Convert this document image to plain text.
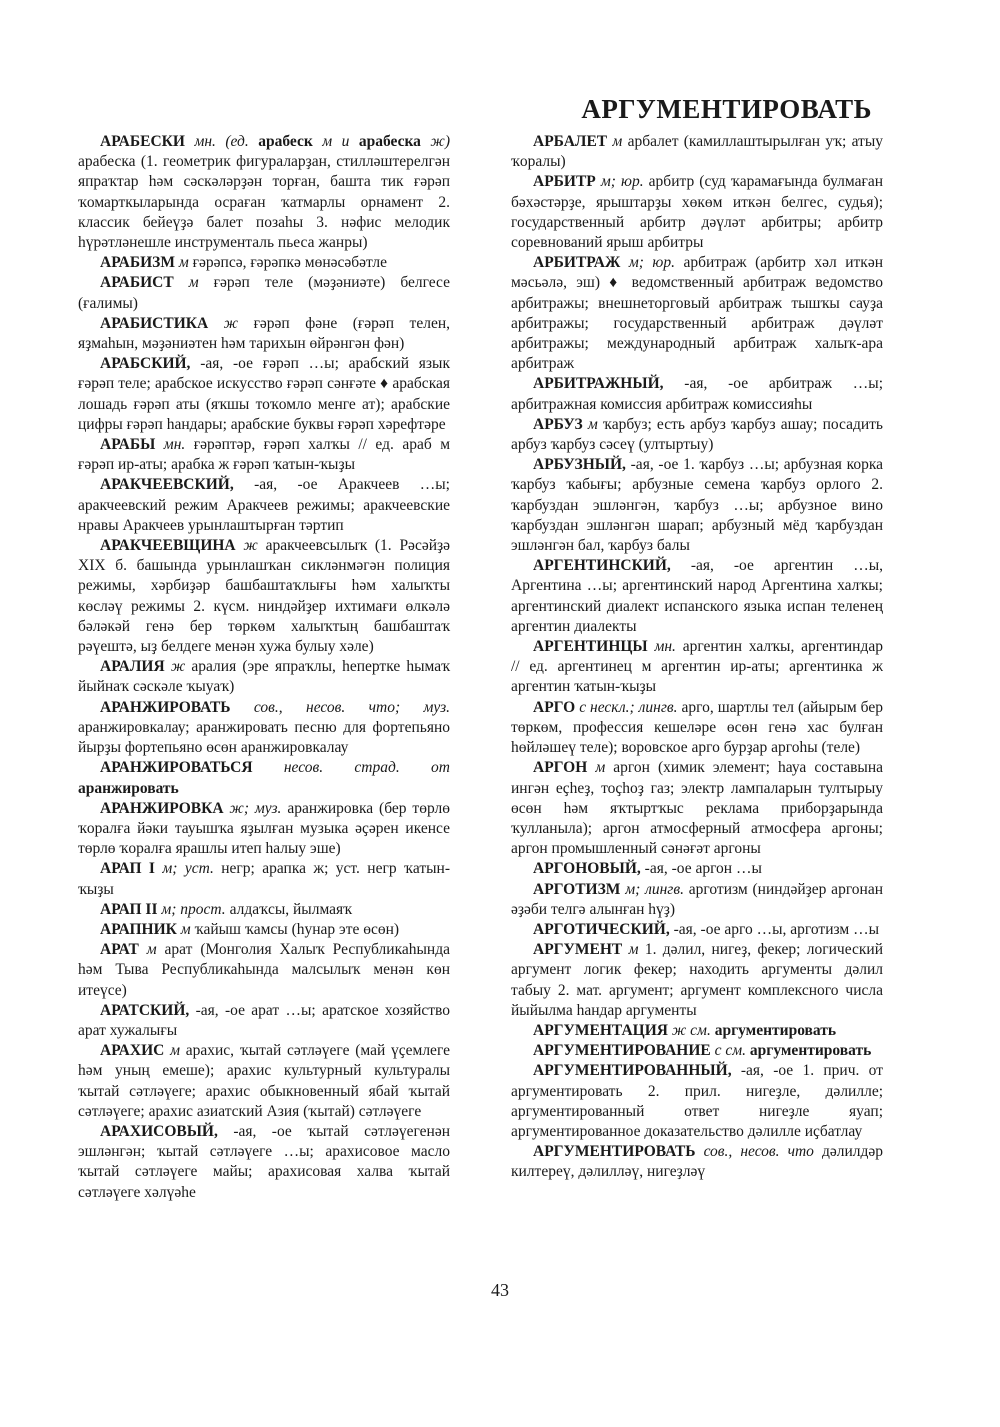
АРГУМЕНТИРОВАТЬ

АРАБЕСКИ мн. (ед. арабеск м и арабеска ж) арабеска (1. геометрик фигураларҙан, стилләштерелгән япраҡтар һәм сәскәләрҙән торған, башта тик ғәрәп ҡомарткыларында осраған ҡатмарлы орнамент 2. классик бейеүҙә балет позаһы 3. нәфис мелодик һүрәтләнешле инструменталь пьеса жанры)

АРАБИЗМ м ғәрәпсә, ғәрәпкә мөнәсәбәтле

АРАБИСТ м ғәрәп теле (мәҙәниәте) белгесе (ғалимы)

АРАБИСТИКА ж ғәрәп фәне (ғәрәп телен, яҙмаһын, мәҙәниәтен һәм тарихын өйрәнгән фән)

АРАБСКИЙ, -ая, -ое ғәрәп …ы; арабский язык ғәрәп теле; арабское искусство ғәрәп сәнғәте ♦ арабская лошадь ғәрәп аты (яҡшы тоҡомло менге ат); арабские цифры ғәрәп һандары; арабские буквы ғәрәп хәрефтәре

АРАБЫ мн. ғәрәптәр, ғәрәп халҡы // ед. араб м ғәрәп ир-аты; арабка ж ғәрәп ҡатын-ҡыҙы

АРАКЧЕЕВСКИЙ, -ая, -ое Аракчеев …ы; аракчеевский режим Аракчеев режимы; аракчеевские нравы Аракчеев урынлаштырған тәртип

АРАКЧЕЕВЩИНА ж аракчеевсылыҡ (1. Рәсәйҙә XIX б. башында урынлашҡан сикләнмәгән полиция режимы, хәрбиҙәр башбаштаҡлығы һәм халыҡты көсләү режимы 2. күсм. ниндәйҙер ихтимағи өлкәлә бәләкәй генә бер төркөм халыҡтың башбаштаҡ рәүештә, ыҙ белдеге менән хужа булыу хәле)

АРАЛИЯ ж аралия (эре япраҡлы, һепертке һымаҡ йыйнаҡ сәскәле ҡыуаҡ)

АРАНЖИРОВАТЬ сов., несов. что; муз. аранжировкалау; аранжировать песню для фортепьяно йырҙы фортепьяно өсөн аранжировкалау

АРАНЖИРОВАТЬСЯ несов. страд. от аранжировать

АРАНЖИРОВКА ж; муз. аранжировка (бер төрлө ҡоралға йәки тауышҡа яҙылған музыка әҫәрен икенсе төрлө ҡоралға ярашлы итеп һалыу эше)

АРАП I м; уст. негр; арапка ж; уст. негр ҡатын-ҡыҙы

АРАП II м; прост. алдаҡсы, йылмаяҡ

АРАПНИК м ҡайыш ҡамсы (һунар эте өсөн)

АРАТ м арат (Монголия Халыҡ Республикаһында һәм Тыва Республикаһында малсылыҡ менән көн итеүсе)

АРАТСКИЙ, -ая, -ое арат …ы; аратское хозяйство арат хужалығы

АРАХИС м арахис, ҡытай сәтләүеге (май үҫемлеге һәм уның емеше); арахис культурный культуралы ҡытай сәтләүеге; арахис обыкновенный ябай ҡытай сәтләүеге; арахис азиатский Азия (ҡытай) сәтләүеге

АРАХИСОВЫЙ, -ая, -ое ҡытай сәтләүегенән эшләнгән; ҡытай сәтләүеге …ы; арахисовое масло ҡытай сәтләүеге майы; арахисовая халва ҡытай сәтләүеге хәлүәһе

АРБАЛЕТ м арбалет (камиллаштырылған уҡ; атыу ҡоралы)

АРБИТР м; юр. арбитр (суд ҡарамағында булмаған бәхәстәрҙе, ярыштарҙы хөкөм иткән белгес, судья); государственный арбитр дәүләт арбитры; арбитр соревнований ярыш арбитры

АРБИТРАЖ м; юр. арбитраж (арбитр хәл иткән мәсьәлә, эш) ♦ ведомственный арбитраж ведомство арбитражы; внешнеторговый арбитраж тышҡы сауҙа арбитражы; государственный арбитраж дәүләт арбитражы; международный арбитраж халыҡ-ара арбитраж

АРБИТРАЖНЫЙ, -ая, -ое арбитраж …ы; арбитражная комиссия арбитраж комиссияһы

АРБУЗ м ҡарбуз; есть арбуз ҡарбуз ашау; посадить арбуз ҡарбуз сәсеү (ултыртыу)

АРБУЗНЫЙ, -ая, -ое 1. ҡарбуз …ы; арбузная корка ҡарбуз ҡабығы; арбузные семена ҡарбуз орлого 2. ҡарбуздан эшләнгән, ҡарбуз …ы; арбузное вино ҡарбуздан эшләнгән шарап; арбузный мёд ҡарбуздан эшләнгән бал, ҡарбуз балы

АРГЕНТИНСКИЙ, -ая, -ое аргентин …ы, Аргентина …ы; аргентинский народ Аргентина халҡы; аргентинский диалект испанского языка испан теленең аргентин диалекты

АРГЕНТИНЦЫ мн. аргентин халҡы, аргентиндар // ед. аргентинец м аргентин ир-аты; аргентинка ж аргентин ҡатын-ҡыҙы

АРГО с нескл.; лингв. арго, шартлы тел (айырым бер төркөм, профессия кешеләре өсөн генә хас булған һөйләшеү теле); воровское арго бурҙар аргоһы (теле)

АРГОН м аргон (химик элемент; һауа составына ингән еҫһеҙ, тоҫһоҙ газ; электр лампаларын тултырыу өсөн һәм яҡтыртҡыс реклама приборҙарында ҡулланыла); аргон атмосферный атмосфера аргоны; аргон промышленный сәнәғәт аргоны

АРГОНОВЫЙ, -ая, -ое аргон …ы

АРГОТИЗМ м; лингв. арготизм (ниндәйҙер аргонан әҙәби телгә алынған һүҙ)

АРГОТИЧЕСКИЙ, -ая, -ое арго …ы, арготизм …ы

АРГУМЕНТ м 1. дәлил, нигеҙ, фекер; логический аргумент логик фекер; находить аргументы дәлил табыу 2. мат. аргумент; аргумент комплексного числа йыйылма һандар аргументы

АРГУМЕНТАЦИЯ ж см. аргументировать

АРГУМЕНТИРОВАНИЕ с см. аргументировать

АРГУМЕНТИРОВАННЫЙ, -ая, -ое 1. прич. от аргументировать 2. прил. нигеҙле, дәлилле; аргументированный ответ нигеҙле яуап; аргументированное доказательство дәлилле иҫбатлау

АРГУМЕНТИРОВАТЬ сов., несов. что дәлилдәр килтереү, дәлилләү, нигеҙләү

43
